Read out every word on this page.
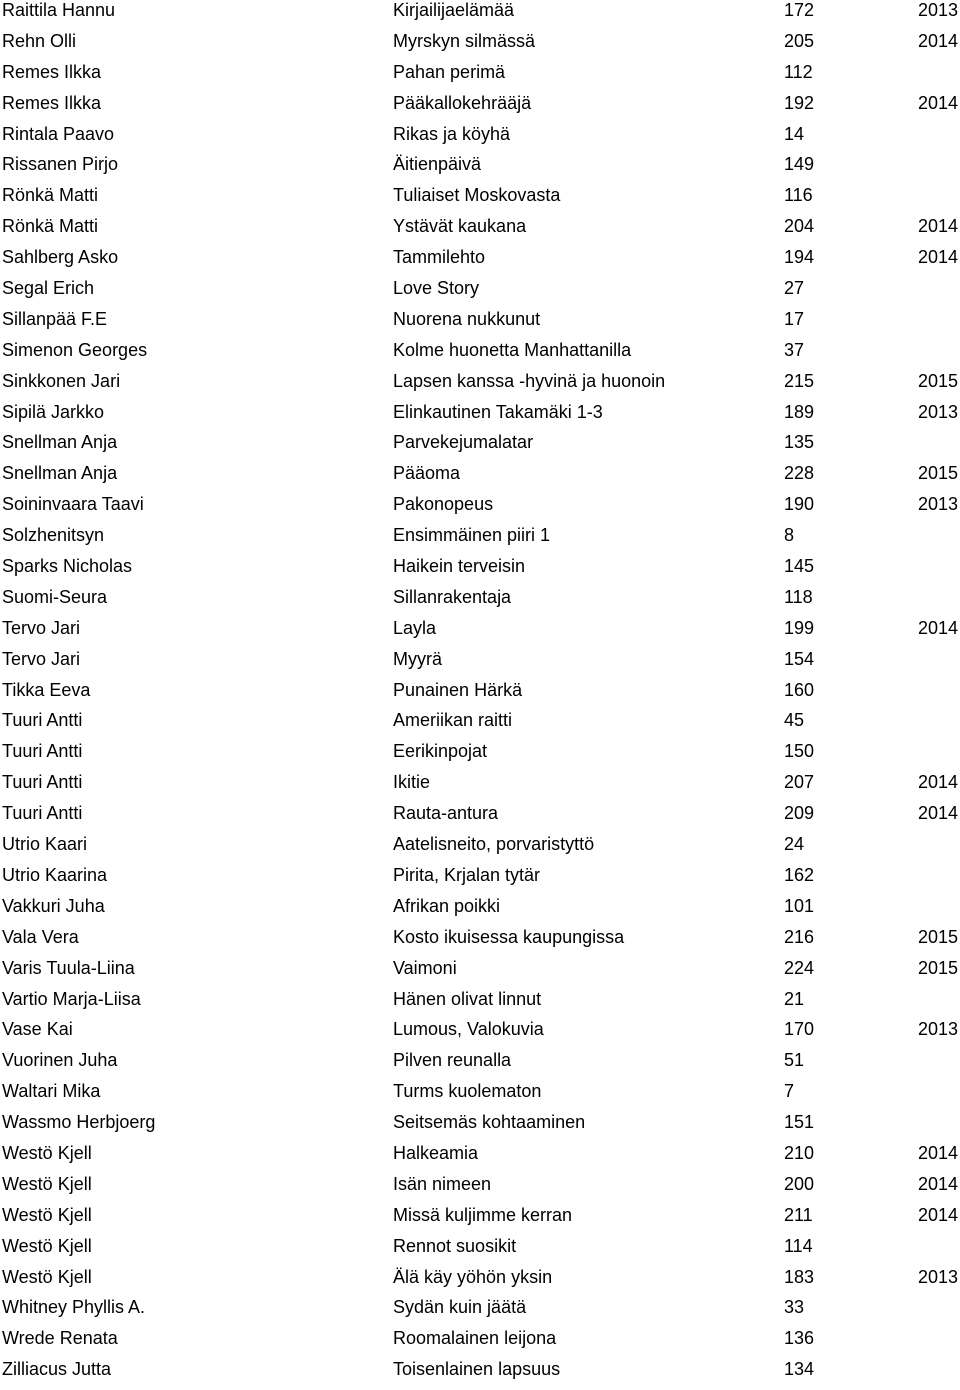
Raittila Hannu	Kirjailijaelämää	172	2013
Rehn Olli	Myrskyn silmässä	205	2014
Remes Ilkka	Pahan perimä	112
Remes Ilkka	Pääkallokehrääjä	192	2014
Rintala Paavo	Rikas ja köyhä	14
Rissanen Pirjo	Äitienpäivä	149
Rönkä Matti	Tuliaiset Moskovasta	116
Rönkä Matti	Ystävät kaukana	204	2014
Sahlberg Asko	Tammilehto	194	2014
Segal Erich	Love Story	27
Sillanpää F.E	Nuorena nukkunut	17
Simenon Georges	Kolme huonetta Manhattanilla	37
Sinkkonen Jari	Lapsen kanssa -hyvinä ja huonoin	215	2015
Sipilä Jarkko	Elinkautinen Takamäki 1-3	189	2013
Snellman Anja	Parvekejumalatar	135
Snellman Anja	Pääoma	228	2015
Soininvaara Taavi	Pakonopeus	190	2013
Solzhenitsyn	Ensimmäinen piiri 1	8
Sparks Nicholas	Haikein terveisin	145
Suomi-Seura	Sillanrakentaja	118
Tervo Jari	Layla	199	2014
Tervo Jari	Myyrä	154
Tikka Eeva	Punainen Härkä	160
Tuuri Antti	Ameriikan raitti	45
Tuuri Antti	Eerikinpojat	150
Tuuri Antti	Ikitie	207	2014
Tuuri Antti	Rauta-antura	209	2014
Utrio Kaari	Aatelisneito, porvaristyttö	24
Utrio Kaarina	Pirita, Krjalan tytär	162
Vakkuri Juha	Afrikan poikki	101
Vala Vera	Kosto ikuisessa kaupungissa	216	2015
Varis Tuula-Liina	Vaimoni	224	2015
Vartio Marja-Liisa	Hänen olivat linnut	21
Vase Kai	Lumous, Valokuvia	170	2013
Vuorinen Juha	Pilven reunalla	51
Waltari Mika	Turms kuolematon	7
Wassmo Herbjoerg	Seitsemäs kohtaaminen	151
Westö Kjell	Halkeamia	210	2014
Westö Kjell	Isän nimeen	200	2014
Westö Kjell	Missä kuljimme kerran	211	2014
Westö Kjell	Rennot suosikit	114
Westö Kjell	Älä käy yöhön yksin	183	2013
Whitney Phyllis A.	Sydän kuin jäätä	33
Wrede Renata	Roomalainen leijona	136
Zilliacus Jutta	Toisenlainen lapsuus	134
